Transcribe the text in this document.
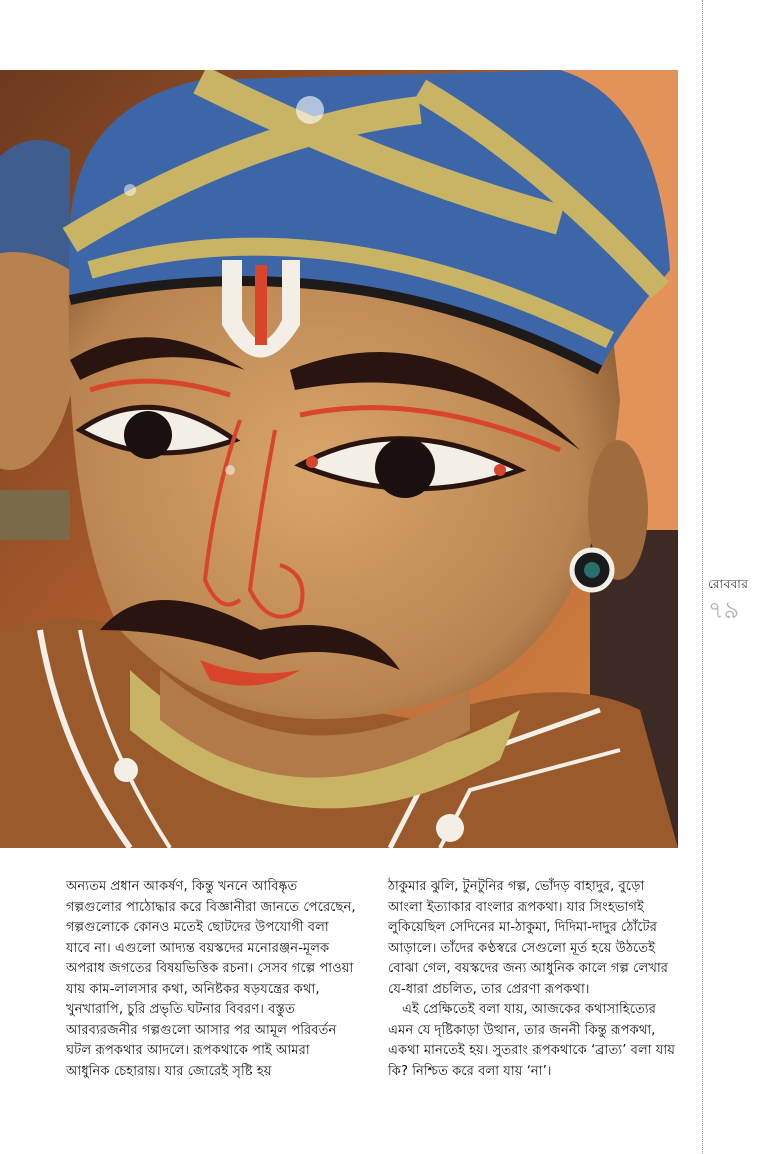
রোববার
৭৯

অন্যতম প্রধান আকর্ষণ, কিন্তু খননে আবিষ্কৃত গল্পগুলোর পাঠোদ্ধার করে বিজ্ঞানীরা জানতে পেরেছেন, গল্পগুলোকে কোনও মতেই ছোটদের উপযোগী বলা যাবে না। এগুলো আদ্যন্ত বয়স্কদের মনোরঞ্জন-মূলক অপরাধ জগতের বিষয়ভিত্তিক রচনা। সেসব গল্পে পাওয়া যায় কাম-লালসার কথা, অনিষ্টকর ষড়যন্ত্রের কথা, খুনখারাপি, চুরি প্রভৃতি ঘটনার বিবরণ। বস্তুত আরব্যরজনীর গল্পগুলো আসার পর আমূল পরিবর্তন ঘটল রূপকথার আদলে। রূপকথাকে পাই আমরা আধুনিক চেহারায়। যার জোরেই সৃষ্টি হয়

ঠাকুমার ঝুলি, টুনটুনির গল্প, ভোঁদড় বাহাদুর, বুড়ো আংলা ইত্যাকার বাংলার রূপকথা। যার সিংহভাগই লুকিয়েছিল সেদিনের মা-ঠাকুমা, দিদিমা-দাদুর ঠোঁটের আড়ালে। তাঁদের কণ্ঠস্বরে সেগুলো মূর্ত হয়ে উঠতেই বোঝা গেল, বয়স্কদের জন্য আধুনিক কালে গল্প লেখার যে-ধারা প্রচলিত, তার প্রেরণা রূপকথা।

এই প্রেক্ষিতেই বলা যায়, আজকের কথাসাহিত্যের এমন যে দৃষ্টিকাড়া উত্থান, তার জননী কিন্তু রূপকথা, একথা মানতেই হয়। সুতরাং রূপকথাকে ‘ব্রাত্য’ বলা যায় কি? নিশ্চিত করে বলা যায় ‘না’।
